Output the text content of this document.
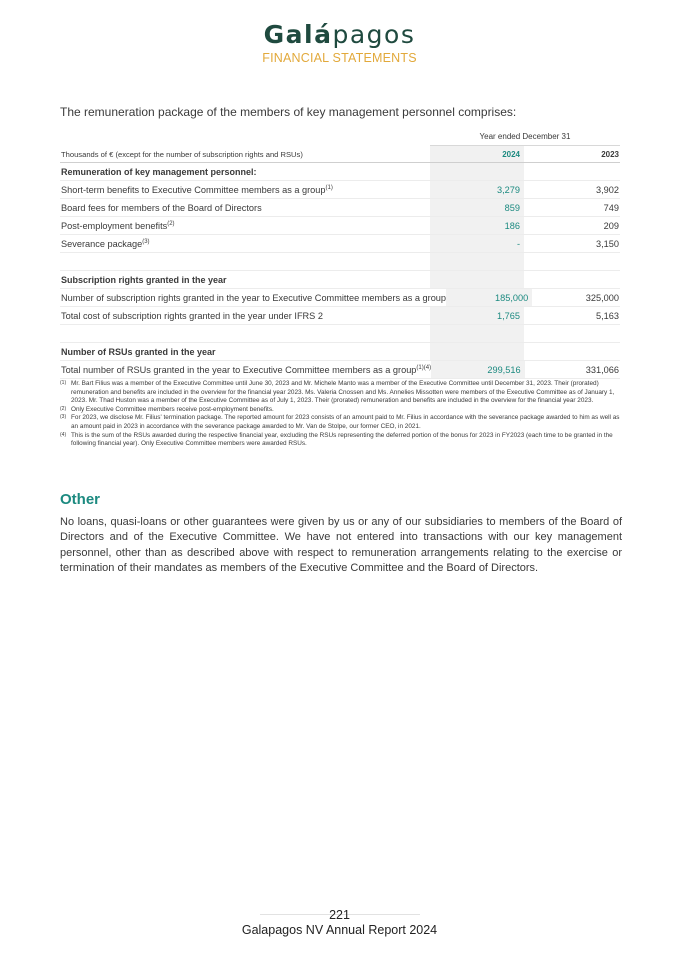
Galápagos
FINANCIAL STATEMENTS
The remuneration package of the members of key management personnel comprises:
Year ended December 31
Thousands of € (except for the number of subscription rights and RSUs)	2024	2023
Remuneration of key management personnel:
Short-term benefits to Executive Committee members as a group$^{(1)}$	3,279	3,902
Board fees for members of the Board of Directors	859	749
Post-employment benefits$^{(2)}$	186	209
Severance package$^{(3)}$	-	3,150
Subscription rights granted in the year
Number of subscription rights granted in the year to Executive Committee members as a group	185,000	325,000
Total cost of subscription rights granted in the year under IFRS 2	1,765	5,163
Number of RSUs granted in the year
Total number of RSUs granted in the year to Executive Committee members as a group$^{(1)(4)}$	299,516	331,066
(1) Mr. Bart Filius was a member of the Executive Committee until June 30, 2023 and Mr. Michele Manto was a member of the Executive Committee until December 31, 2023. Their (prorated) remuneration and benefits are included in the overview for the financial year 2023. Ms. Valeria Cnossen and Ms. Annelies Missotten were members of the Executive Committee as of January 1, 2023. Mr. Thad Huston was a member of the Executive Committee as of July 1, 2023. Their (prorated) remuneration and benefits are included in the overview for the financial year 2023.
(2) Only Executive Committee members receive post-employment benefits.
(3) For 2023, we disclose Mr. Filius' termination package. The reported amount for 2023 consists of an amount paid to Mr. Filius in accordance with the severance package awarded to him as well as an amount paid in 2023 in accordance with the severance package awarded to Mr. Van de Stolpe, our former CEO, in 2021.
(4) This is the sum of the RSUs awarded during the respective financial year, excluding the RSUs representing the deferred portion of the bonus for 2023 in FY2023 (each time to be granted in the following financial year). Only Executive Committee members were awarded RSUs.
Other
No loans, quasi-loans or other guarantees were given by us or any of our subsidiaries to members of the Board of Directors and of the Executive Committee. We have not entered into transactions with our key management personnel, other than as described above with respect to remuneration arrangements relating to the exercise or termination of their mandates as members of the Executive Committee and the Board of Directors.
221
Galapagos NV Annual Report 2024
